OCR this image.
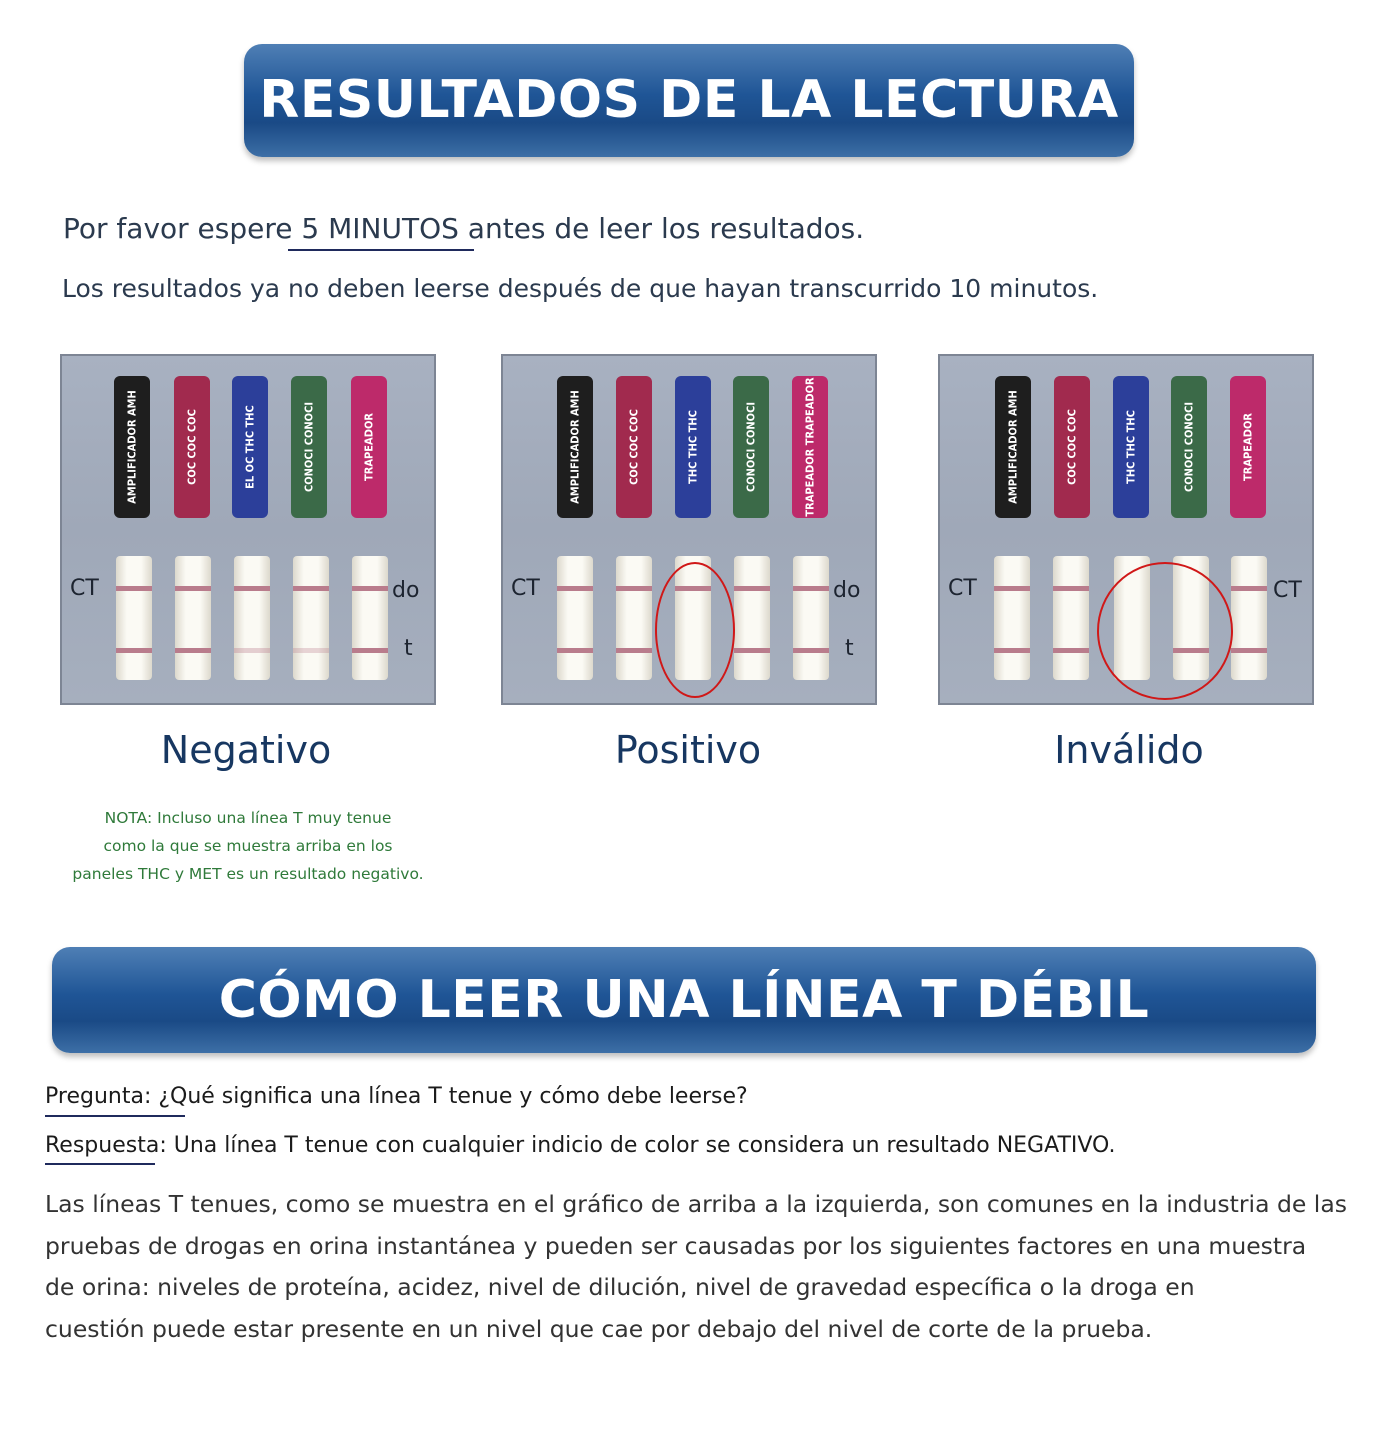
RESULTADOS DE LA LECTURA
Por favor espere 5 MINUTOS antes de leer los resultados.
Los resultados ya no deben leerse después de que hayan transcurrido 10 minutos.
AMPLIFICADOR AMH	COC COC COC	EL OC THC THC	CONOCI CONOCI	TRAPEADOR
CT	do
t
AMPLIFICADOR AMH	COC COC COC	THC THC THC	CONOCI CONOCI	TRAPEADOR TRAPEADOR
CT	do
t
AMPLIFICADOR AMH	COC COC COC	THC THC THC	CONOCI CONOCI	TRAPEADOR
CT	CT
Negativo	Positivo	Inválido
NOTA: Incluso una línea T muy tenue
como la que se muestra arriba en los
paneles THC y MET es un resultado negativo.
CÓMO LEER UNA LÍNEA T DÉBIL
Pregunta: ¿Qué significa una línea T tenue y cómo debe leerse?
Respuesta: Una línea T tenue con cualquier indicio de color se considera un resultado NEGATIVO.
Las líneas T tenues, como se muestra en el gráfico de arriba a la izquierda, son comunes en la industria de las
pruebas de drogas en orina instantánea y pueden ser causadas por los siguientes factores en una muestra
de orina: niveles de proteína, acidez, nivel de dilución, nivel de gravedad específica o la droga en
cuestión puede estar presente en un nivel que cae por debajo del nivel de corte de la prueba.
